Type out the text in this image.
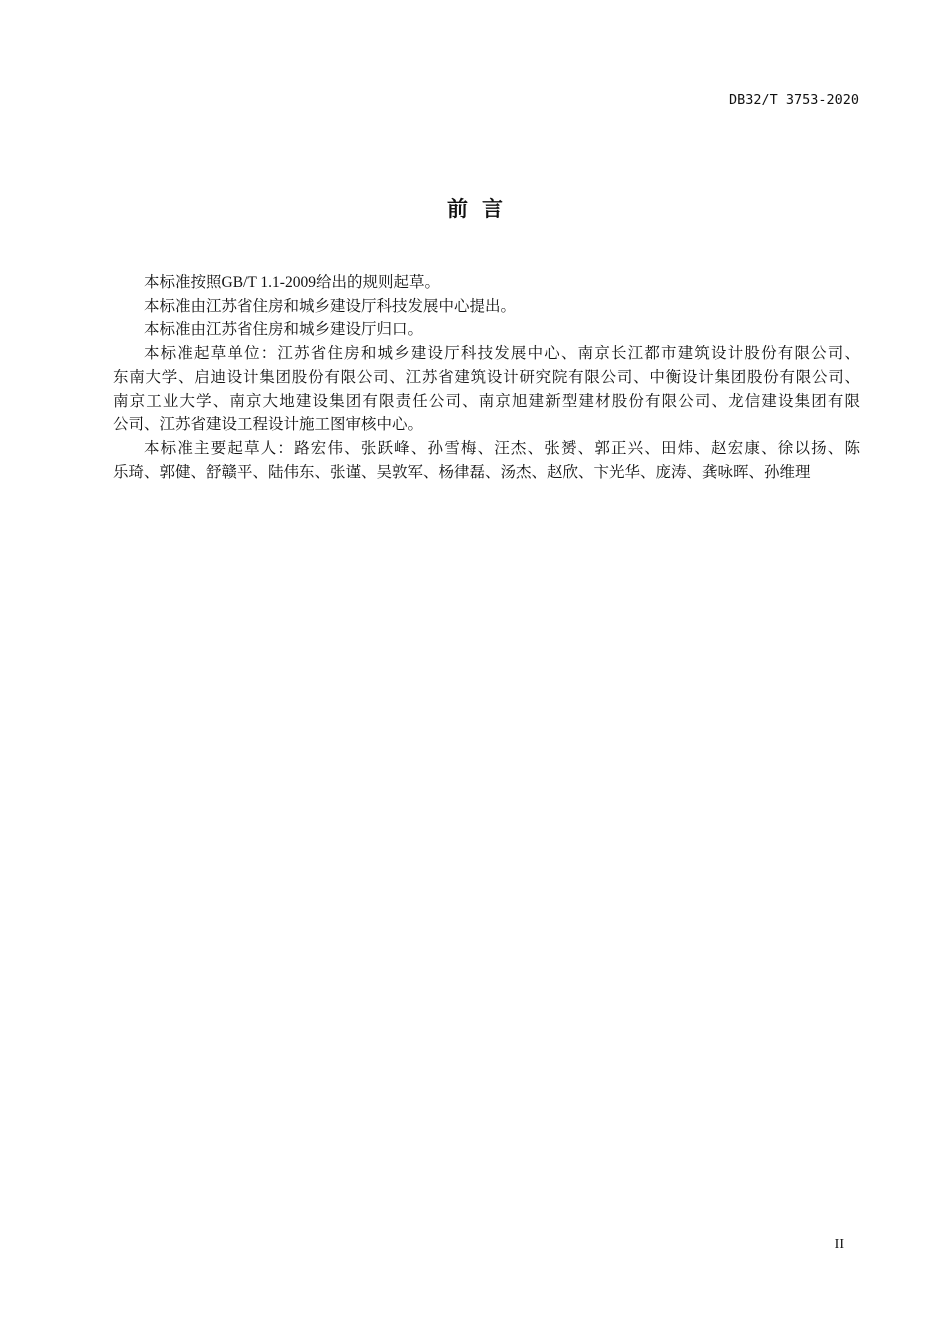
DB32/T 3753-2020
前言
本标准按照GB/T 1.1-2009给出的规则起草。
本标准由江苏省住房和城乡建设厅科技发展中心提出。
本标准由江苏省住房和城乡建设厅归口。
本标准起草单位：江苏省住房和城乡建设厅科技发展中心、南京长江都市建筑设计股份有限公司、
东南大学、启迪设计集团股份有限公司、江苏省建筑设计研究院有限公司、中衡设计集团股份有限公司、
南京工业大学、南京大地建设集团有限责任公司、南京旭建新型建材股份有限公司、龙信建设集团有限
公司、江苏省建设工程设计施工图审核中心。
本标准主要起草人：路宏伟、张跃峰、孙雪梅、汪杰、张赟、郭正兴、田炜、赵宏康、徐以扬、陈
乐琦、郭健、舒赣平、陆伟东、张谨、吴敦军、杨律磊、汤杰、赵欣、卞光华、庞涛、龚咏晖、孙维理
II
